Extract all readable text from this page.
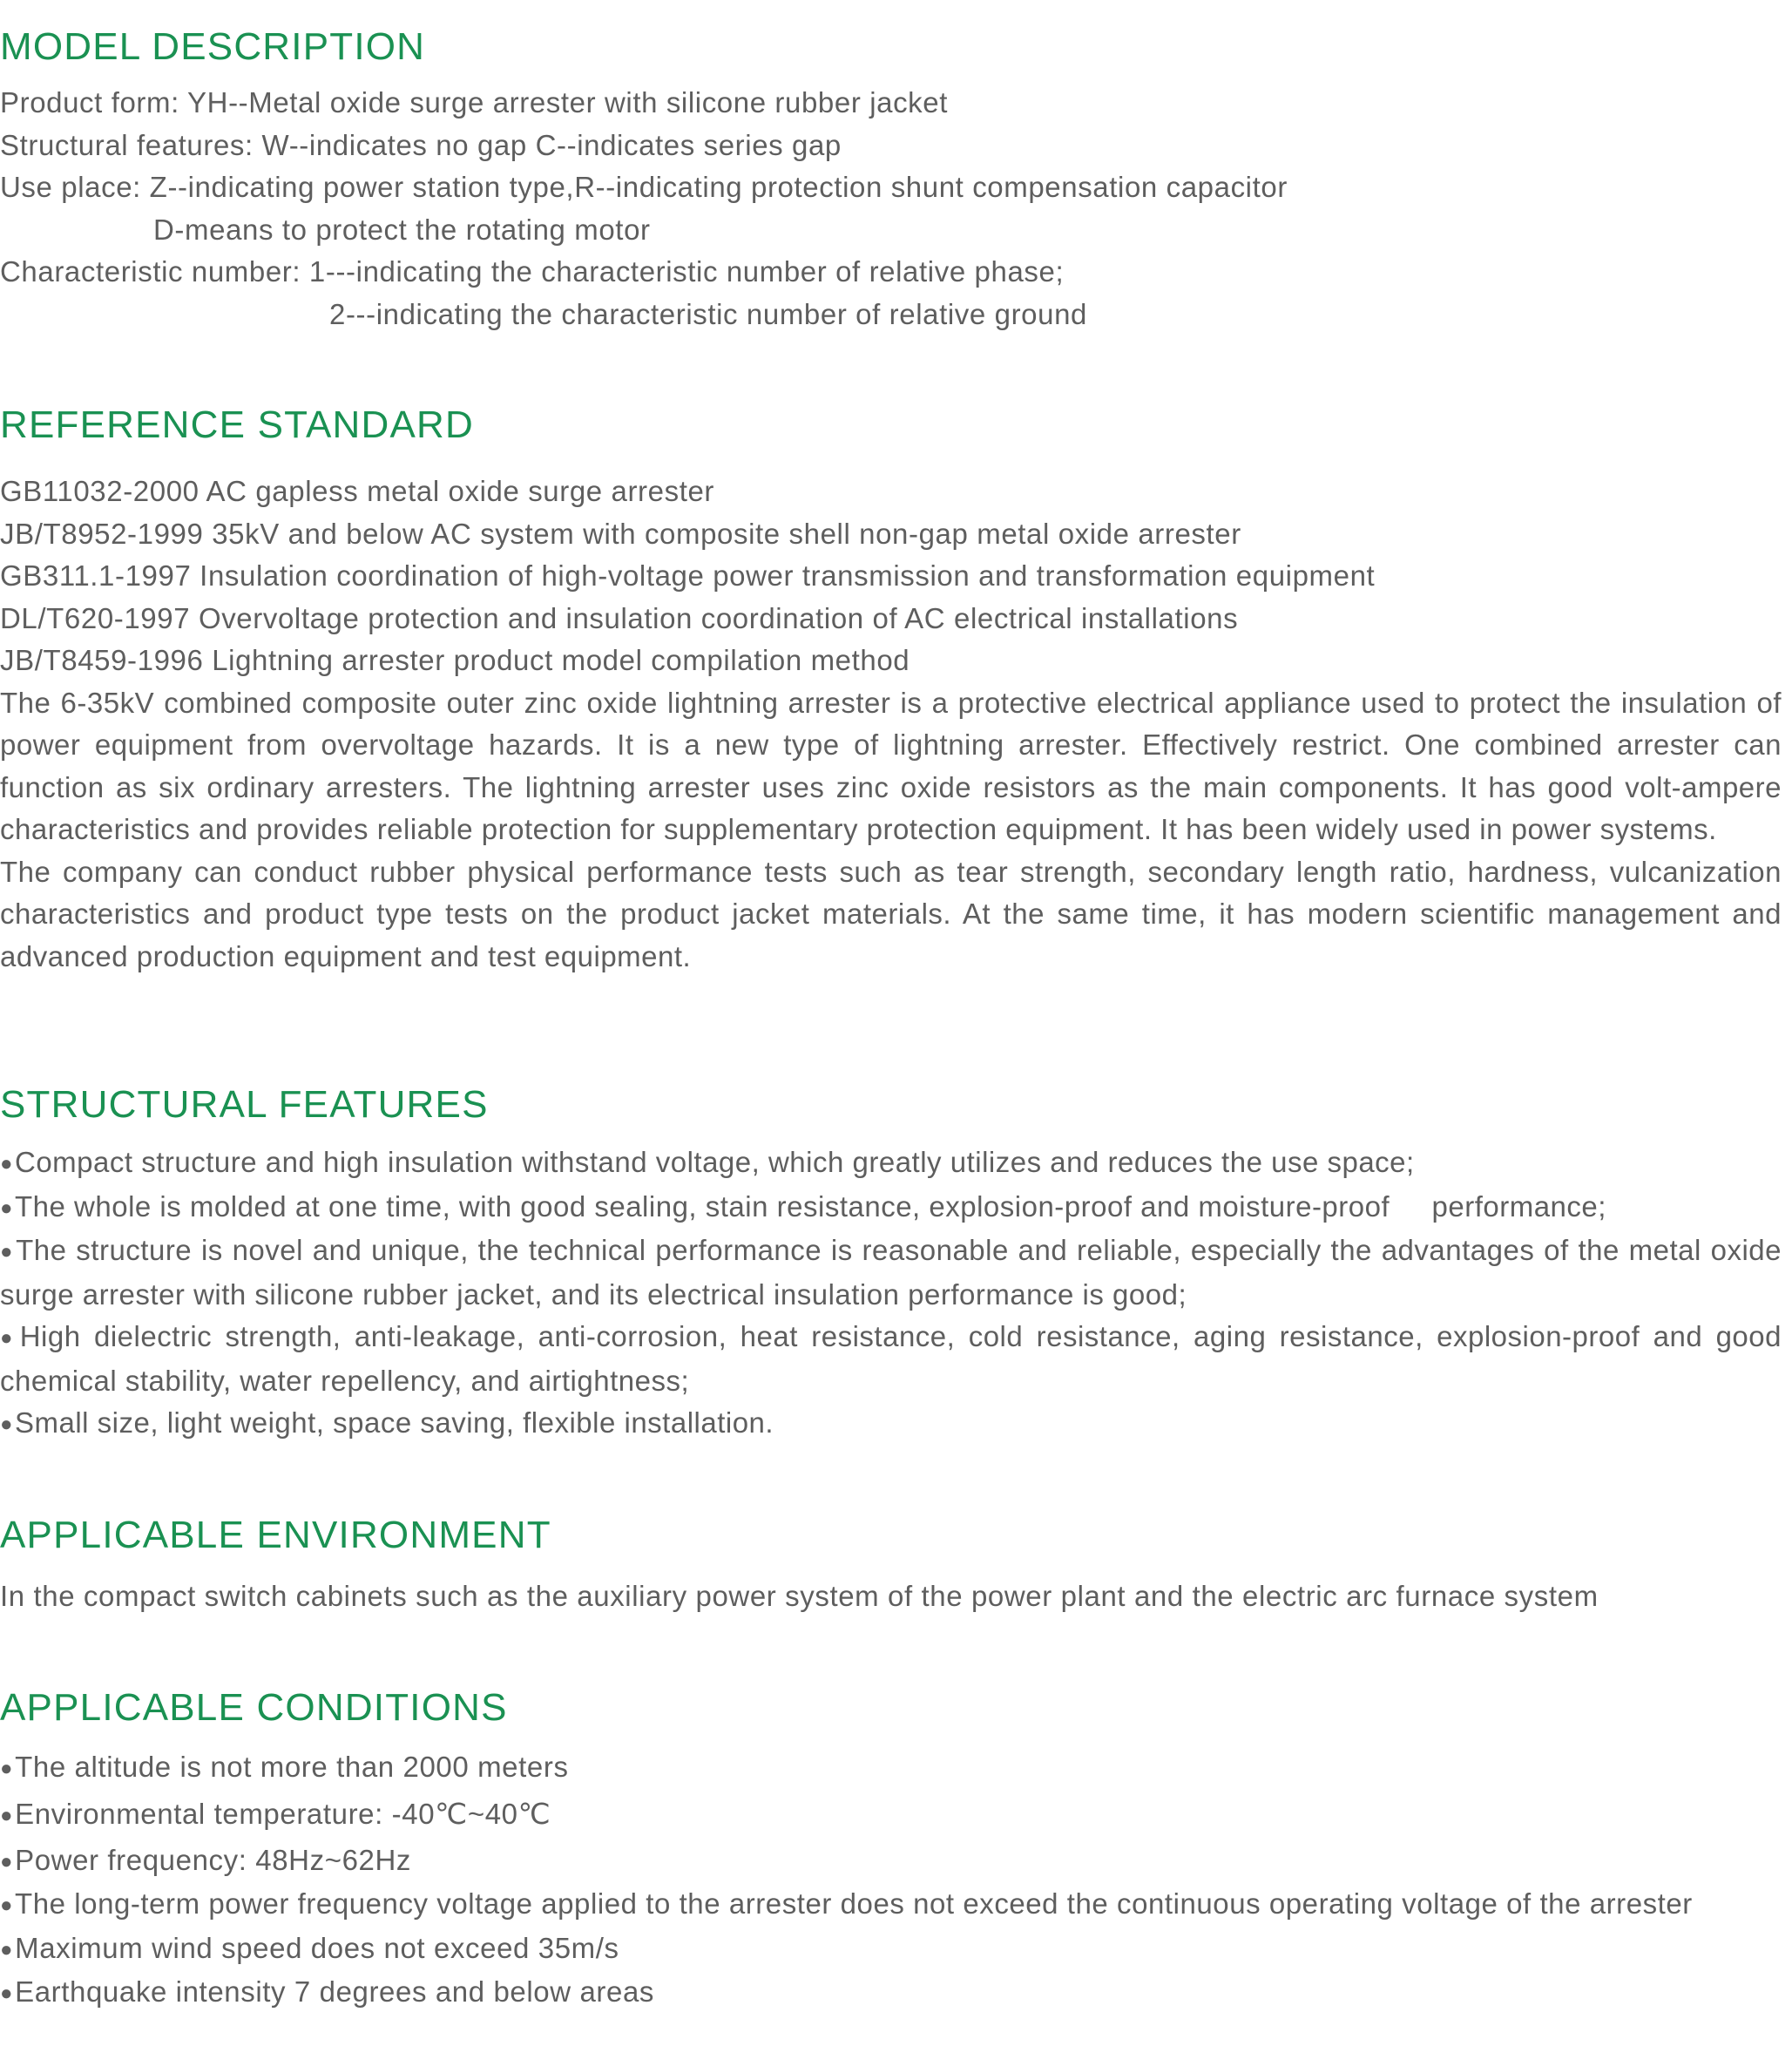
MODEL DESCRIPTION
Product form: YH--Metal oxide surge arrester with silicone rubber jacket
Structural features: W--indicates no gap C--indicates series gap
Use place: Z--indicating power station type,R--indicating protection shunt compensation capacitor
D-means to protect the rotating motor
Characteristic number: 1---indicating the characteristic number of relative phase;
2---indicating the characteristic number of relative ground
REFERENCE STANDARD
GB11032-2000 AC gapless metal oxide surge arrester
JB/T8952-1999 35kV and below AC system with composite shell non-gap metal oxide arrester
GB311.1-1997 Insulation coordination of high-voltage power transmission and transformation equipment
DL/T620-1997 Overvoltage protection and insulation coordination of AC electrical installations
JB/T8459-1996 Lightning arrester product model compilation method
The 6-35kV combined composite outer zinc oxide lightning arrester is a protective electrical appliance used to protect the insulation of power equipment from overvoltage hazards. It is a new type of lightning arrester. Effectively restrict. One combined arrester can function as six ordinary arresters. The lightning arrester uses zinc oxide resistors as the main components. It has good volt-ampere characteristics and provides reliable protection for supplementary protection equipment. It has been widely used in power systems.
The company can conduct rubber physical performance tests such as tear strength, secondary length ratio, hardness, vulcanization characteristics and product type tests on the product jacket materials. At the same time, it has modern scientific management and advanced production equipment and test equipment.
STRUCTURAL FEATURES
●Compact structure and high insulation withstand voltage, which greatly utilizes and reduces the use space;
●The whole is molded at one time, with good sealing, stain resistance, explosion-proof and moisture-proof     performance;
●The structure is novel and unique, the technical performance is reasonable and reliable, especially the advantages of the metal oxide surge arrester with silicone rubber jacket, and its electrical insulation performance is good;
●High dielectric strength, anti-leakage, anti-corrosion, heat resistance, cold resistance, aging resistance, explosion-proof and good chemical stability, water repellency, and airtightness;
●Small size, light weight, space saving, flexible installation.
APPLICABLE ENVIRONMENT
In the compact switch cabinets such as the auxiliary power system of the power plant and the electric arc furnace system
APPLICABLE CONDITIONS
●The altitude is not more than 2000 meters
●Environmental temperature: -40℃~40℃
●Power frequency: 48Hz~62Hz
●The long-term power frequency voltage applied to the arrester does not exceed the continuous operating voltage of the arrester
●Maximum wind speed does not exceed 35m/s
●Earthquake intensity 7 degrees and below areas
